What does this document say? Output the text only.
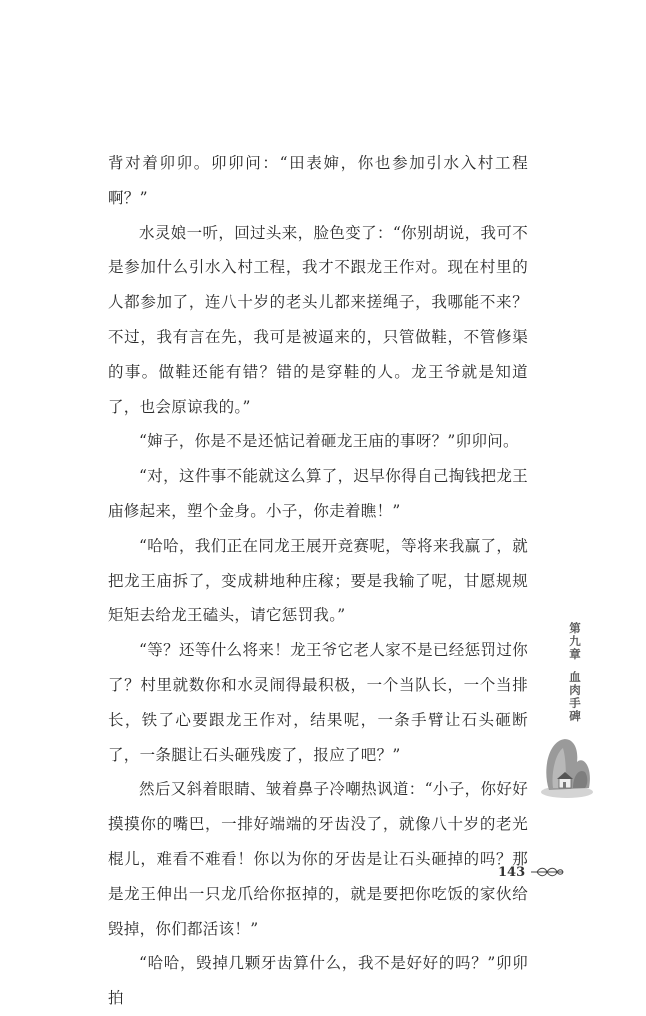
背对着卯卯。卯卯问：“田表婶，你也参加引水入村工程啊？”

水灵娘一听，回过头来，脸色变了：“你别胡说，我可不是参加什么引水入村工程，我才不跟龙王作对。现在村里的人都参加了，连八十岁的老头儿都来搓绳子，我哪能不来？不过，我有言在先，我可是被逼来的，只管做鞋，不管修渠的事。做鞋还能有错？错的是穿鞋的人。龙王爷就是知道了，也会原谅我的。”

“婶子，你是不是还惦记着砸龙王庙的事呀？”卯卯问。

“对，这件事不能就这么算了，迟早你得自己掏钱把龙王庙修起来，塑个金身。小子，你走着瞧！”

“哈哈，我们正在同龙王展开竞赛呢，等将来我赢了，就把龙王庙拆了，变成耕地种庄稼；要是我输了呢，甘愿规规矩矩去给龙王磕头，请它惩罚我。”

“等？还等什么将来！龙王爷它老人家不是已经惩罚过你了？村里就数你和水灵闹得最积极，一个当队长，一个当排长，铁了心要跟龙王作对，结果呢，一条手臂让石头砸断了，一条腿让石头砸残废了，报应了吧？”

然后又斜着眼睛、皱着鼻子冷嘲热讽道：“小子，你好好摸摸你的嘴巴，一排好端端的牙齿没了，就像八十岁的老光棍儿，难看不难看！你以为你的牙齿是让石头砸掉的吗？那是龙王伸出一只龙爪给你抠掉的，就是要把你吃饭的家伙给毁掉，你们都活该！”

“哈哈，毁掉几颗牙齿算什么，我不是好好的吗？”卯卯拍

第
九
章
血
肉
手
碑
143
